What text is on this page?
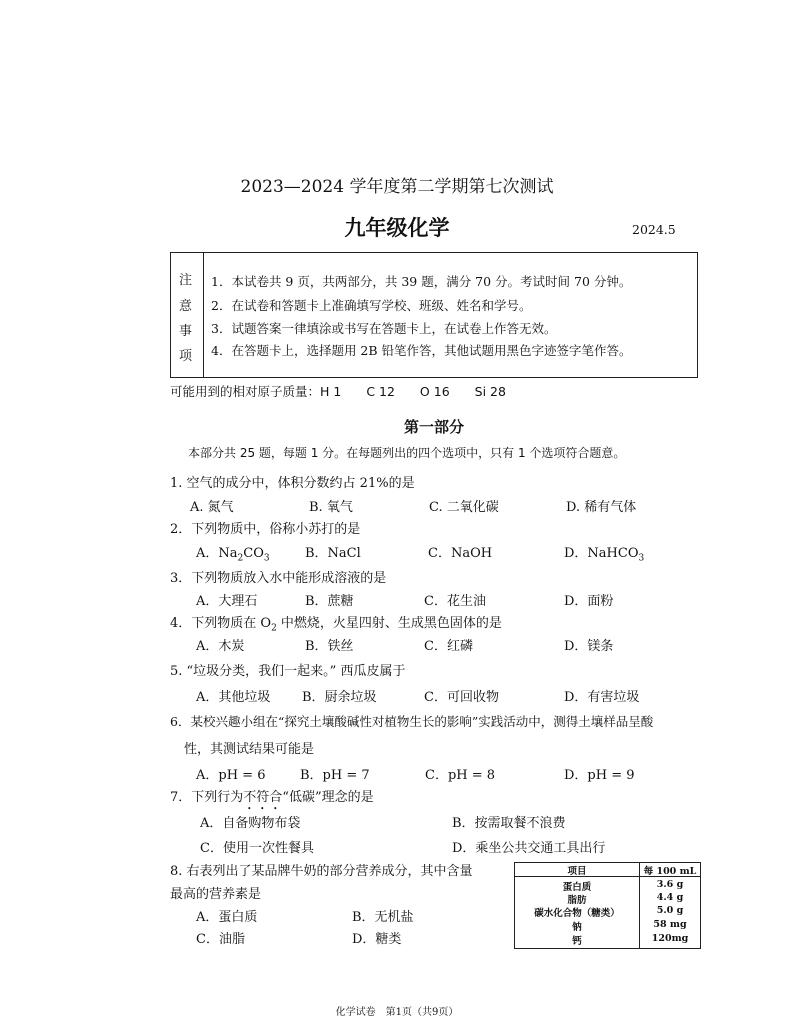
2023—2024 学年度第二学期第七次测试
九年级化学	2024.5
注
意
事
项
1．本试卷共 9 页，共两部分，共 39 题，满分 70 分。考试时间 70 分钟。
2．在试卷和答题卡上准确填写学校、班级、姓名和学号。
3．试题答案一律填涂或书写在答题卡上，在试卷上作答无效。
4．在答题卡上，选择题用 2B 铅笔作答，其他试题用黑色字迹签字笔作答。
可能用到的相对原子质量：H 1　　C 12　　O 16　　Si 28
第一部分
本部分共 25 题，每题 1 分。在每题列出的四个选项中，只有 1 个选项符合题意。
1. 空气的成分中，体积分数约占 21%的是
A. 氮气	B. 氧气	C. 二氧化碳	D. 稀有气体
2．下列物质中，俗称小苏打的是
A．$Na_2CO_3$	B．NaCl	C．NaOH	D．NaHCO$_3$
3．下列物质放入水中能形成溶液的是
A．大理石	B．蔗糖	C．花生油	D．面粉
4．下列物质在 $O_2$ 中燃烧，火星四射、生成黑色固体的是
A．木炭	B．铁丝	C．红磷	D．镁条
5. “垃圾分类，我们一起来。” 西瓜皮属于
A．其他垃圾 B．厨余垃圾	C．可回收物	D．有害垃圾
6．某校兴趣小组在“探究土壤酸碱性对植物生长的影响”实践活动中，测得土壤样品呈酸
性，其测试结果可能是
A．pH = 6	B．pH = 7	C．pH = 8	D．pH = 9
7．下列行为不符合“低碳”理念的是
A．自备购物布袋	B．按需取餐不浪费
C．使用一次性餐具	D．乘坐公共交通工具出行
8. 右表列出了某品牌牛奶的部分营养成分，其中含量
最高的营养素是
A．蛋白质	B．无机盐
C．油脂	D．糖类
项目	每 100 mL
蛋白质	3.6 g
脂肪	4.4 g
碳水化合物（糖类）	5.0 g
钠	58 mg
钙	120mg
化学试卷　第1页（共9页）
